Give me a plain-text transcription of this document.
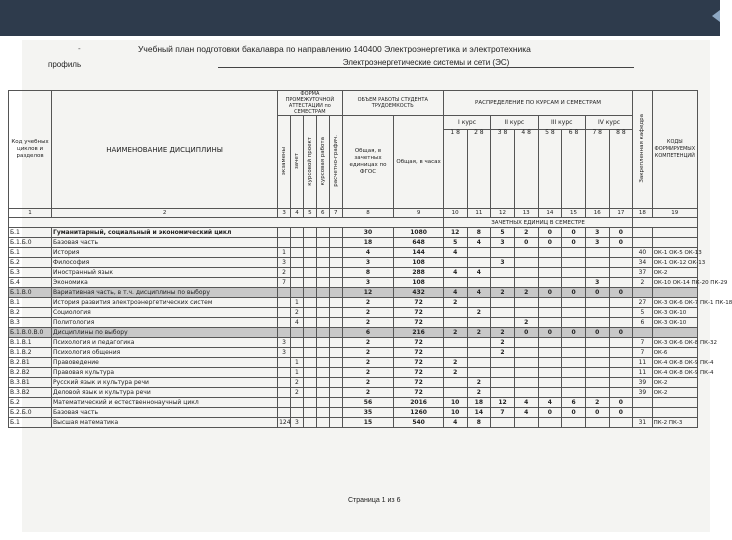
-	Учебный план подготовки бакалавра по направлению 140400 Электроэнергетика и электротехника
профиль	Электроэнергетические системы и сети (ЭС)
Код учебных циклов и разделов	НАИМЕНОВАНИЕ ДИСЦИПЛИНЫ	ФОРМА ПРОМЕЖУТОЧНОЙ АТТЕСТАЦИИ по СЕМЕСТРАМ					ОБЪЕМ РАБОТЫ СТУДЕНТА ТРУДОЕМКОСТЬ		РАСПРЕДЕЛЕНИЕ ПО КУРСАМ И СЕМЕСТРАМ								Закрепленная кафедра	КОДЫ ФОРМИРУЕМЫХ КОМПЕТЕНЦИЙ
		экзамены	зачет	курсовой проект	курсовая работа	расчетно-графич.	Общая, в зачетных единицах по ФГОС	Общая, в часах	I курс		II курс		III курс		IV курс			
									1 8	2 8	3 8	4 8	5 8	6 8	7 8	8 8		
1	2	3	4	5	6	7	8	9	10	11	12	13	14	15	16	17	18	19
									ЗАЧЕТНЫХ ЕДИНИЦ В СЕМЕСТРЕ									
Б.1	Гуманитарный, социальный и экономический цикл						30	1080	12	8	5	2	0	0	3	0		
Б.1.Б.0	Базовая часть						18	648	5	4	3	0	0	0	3	0		
Б.1	История	1					4	144	4								40	ОК-1 ОК-5 ОК-13
Б.2	Философия	3					3	108			3						34	ОК-1 ОК-12 ОК-13
Б.3	Иностранный язык	2					8	288	4	4							37	ОК-2
Б.4	Экономика	7					3	108							3		2	ОК-10 ОК-14 ПК-20 ПК-29
Б.1.В.0	Вариативная часть, в т.ч. дисциплины по выбору						12	432	4	4	2	2	0	0	0	0		
В.1	История развития электроэнергетических систем		1				2	72	2								27	ОК-3 ОК-6 ОК-7 ПК-1 ПК-18
В.2	Социология		2				2	72		2							5	ОК-3 ОК-10
В.3	Политология		4				2	72				2					6	ОК-3 ОК-10
Б.1.В.0.В.0	Дисциплины по выбору						6	216	2	2	2	0	0	0	0	0		
В.1.В.1	Психология и педагогика	3					2	72			2						7	ОК-3 ОК-6 ОК-8 ПК-32
В.1.В.2	Психология общения	3					2	72			2						7	ОК-6
В.2.В1	Правоведение		1				2	72	2								11	ОК-4 ОК-8 ОК-9 ПК-4
В.2.В2	Правовая культура		1				2	72	2								11	ОК-4 ОК-8 ОК-9 ПК-4
В.3.В1	Русский язык и культура речи		2				2	72		2							39	ОК-2
В.3.В2	Деловой язык и культура речи		2				2	72		2							39	ОК-2
Б.2	Математический и естественнонаучный цикл						56	2016	10	18	12	4	4	6	2	0		
Б.2.Б.0	Базовая часть						35	1260	10	14	7	4	0	0	0	0		
Б.1	Высшая математика	124	3				15	540	4	8							31	ПК-2 ПК-3
Страница 1 из 6
